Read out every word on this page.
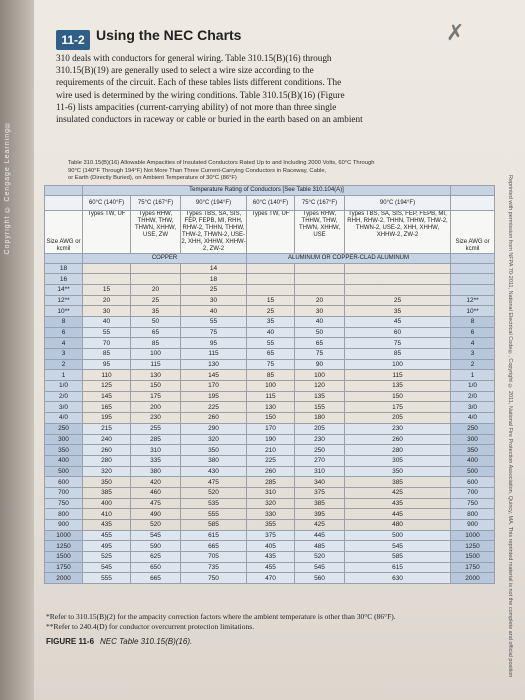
Copyright © Cengage Learning®
11-2 Using the NEC Charts	✗

310 deals with conductors for general wiring. Table 310.15(B)(16) through

310.15(B)(19) are generally used to select a wire size according to the

requirements of the circuit. Each of these tables lists different conditions. The

wire used is determined by the wiring conditions. Table 310.15(B)(16) (Figure

11-6) lists ampacities (current-carrying ability) of not more than three single

insulated conductors in raceway or cable or buried in the earth based on an ambient

Reprinted with permission from NFPA 70-2011, National Electrical Code®, Copyright © 2011, National Fire Protection Association, Quincy, MA. This reprinted material is not the complete and official position
Table 310.15(B)(16) Allowable Ampacities of Insulated Conductors Rated Up to and Including 2000 Volts, 60°C Through
90°C (140°F Through 194°F) Not More Than Three Current-Carrying Conductors in Raceway, Cable,
or Earth (Directly Buried), on Ambient Temperature of 30°C (86°F)
	Temperature Rating of Conductors [See Table 310.104(A)]						
	60°C (140°F)	75°C (167°F)	90°C (194°F)	60°C (140°F)	75°C (167°F)	90°C (194°F)	
Size AWG or kcmil	Types TW, UF	Types RHW, THHW, THW, THWN, XHHW, USE, ZW	Types TBS, SA, SIS, FEP, FEPB, MI, RHH, RHW-2, THHN, THHW, THW-2, THWN-2, USE-2, XHH, XHHW, XHHW-2, ZW-2	Types TW, UF	Types RHW, THHW, THW, THWN, XHHW, USE	Types TBS, SA, SIS, FEP, FEPB, MI, RHH, RHW-2, THHN, THHW, THW-2, THWN-2, USE-2, XHH, XHHW, XHHW-2, ZW-2	Size AWG or kcmil
	COPPER			ALUMINUM OR COPPER-CLAD ALUMINUM			
18			14				
16			18				
14**	15	20	25				
12**	20	25	30	15	20	25	12**
10**	30	35	40	25	30	35	10**
8	40	50	55	35	40	45	8
6	55	65	75	40	50	60	6
4	70	85	95	55	65	75	4
3	85	100	115	65	75	85	3
2	95	115	130	75	90	100	2
1	110	130	145	85	100	115	1
1/0	125	150	170	100	120	135	1/0
2/0	145	175	195	115	135	150	2/0
3/0	165	200	225	130	155	175	3/0
4/0	195	230	260	150	180	205	4/0
250	215	255	290	170	205	230	250
300	240	285	320	190	230	260	300
350	260	310	350	210	250	280	350
400	280	335	380	225	270	305	400
500	320	380	430	260	310	350	500
600	350	420	475	285	340	385	600
700	385	460	520	310	375	425	700
750	400	475	535	320	385	435	750
800	410	490	555	330	395	445	800
900	435	520	585	355	425	480	900
1000	455	545	615	375	445	500	1000
1250	495	590	665	405	485	545	1250
1500	525	625	705	435	520	585	1500
1750	545	650	735	455	545	615	1750
2000	555	665	750	470	560	630	2000

*Refer to 310.15(B)(2) for the ampacity correction factors where the ambient temperature is other than 30°C (86°F).

**Refer to 240.4(D) for conductor overcurrent protection limitations.

FIGURE 11-6 NEC Table 310.15(B)(16).
